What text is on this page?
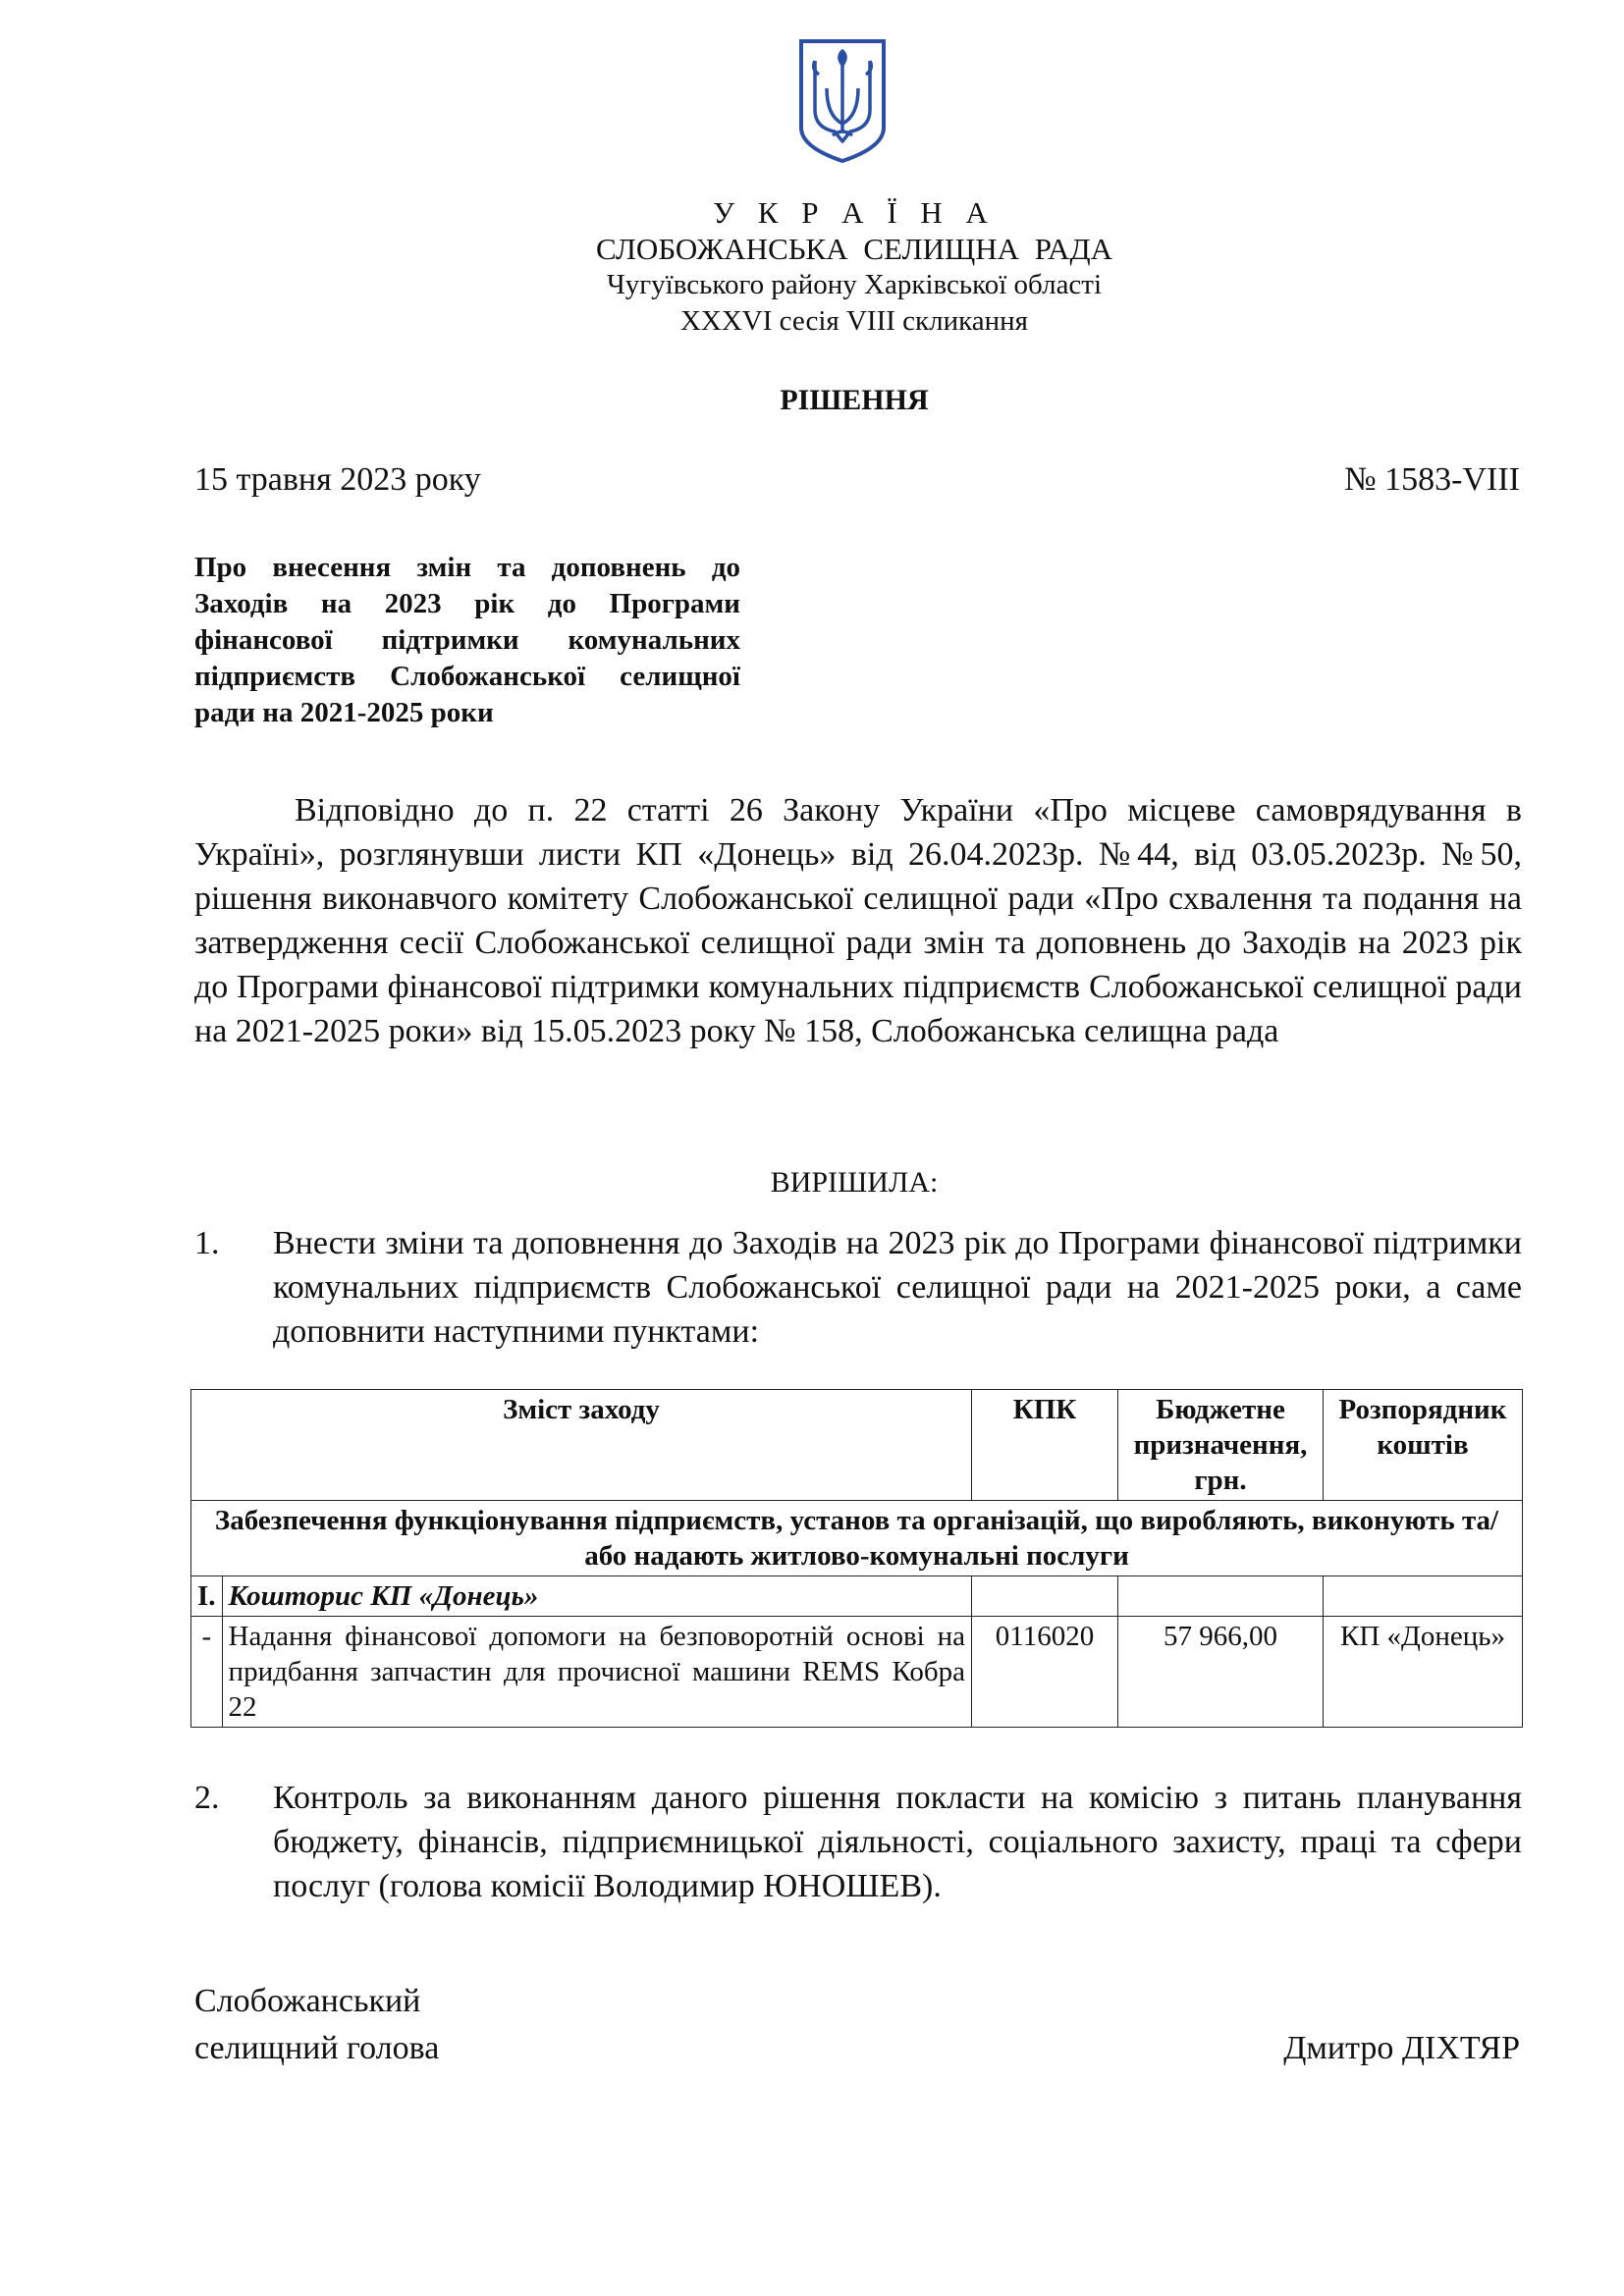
У К Р А Ї Н А
СЛОБОЖАНСЬКА СЕЛИЩНА РАДА
Чугуївського району Харківської області
XXXVI сесія VIII скликання
РІШЕННЯ
15 травня 2023 року	№ 1583-VIII
Про внесення змін та доповнень до Заходів на 2023 рік до Програми фінансової підтримки комунальних підприємств Слобожанської селищної ради на 2021-2025 роки
Відповідно до п. 22 статті 26 Закону України «Про місцеве самоврядування в Україні», розглянувши листи КП «Донець» від 26.04.2023р. №44, від 03.05.2023р. №50, рішення виконавчого комітету Слобожанської селищної ради «Про схвалення та подання на затвердження сесії Слобожанської селищної ради змін та доповнень до Заходів на 2023 рік до Програми фінансової підтримки комунальних підприємств Слобожанської селищної ради на 2021-2025 роки» від 15.05.2023 року № 158, Слобожанська селищна рада
ВИРІШИЛА:
1. Внести зміни та доповнення до Заходів на 2023 рік до Програми фінансової підтримки комунальних підприємств Слобожанської селищної ради на 2021-2025 роки, а саме доповнити наступними пунктами:
Зміст заходу		КПК	Бюджетне призначення, грн.	Розпорядник коштів
Забезпечення функціонування підприємств, установ та організацій, що виробляють, виконують та/або надають житлово-комунальні послуги				
I.	Кошторис КП «Донець»			
-	Надання фінансової допомоги на безповоротній основі на придбання запчастин для прочисної машини REMS Кобра 22	0116020	57 966,00	КП «Донець»
2. Контроль за виконанням даного рішення покласти на комісію з питань планування бюджету, фінансів, підприємницької діяльності, соціального захисту, праці та сфери послуг (голова комісії Володимир ЮНОШЕВ).
Слобожанський
селищний голова	Дмитро ДІХТЯР
